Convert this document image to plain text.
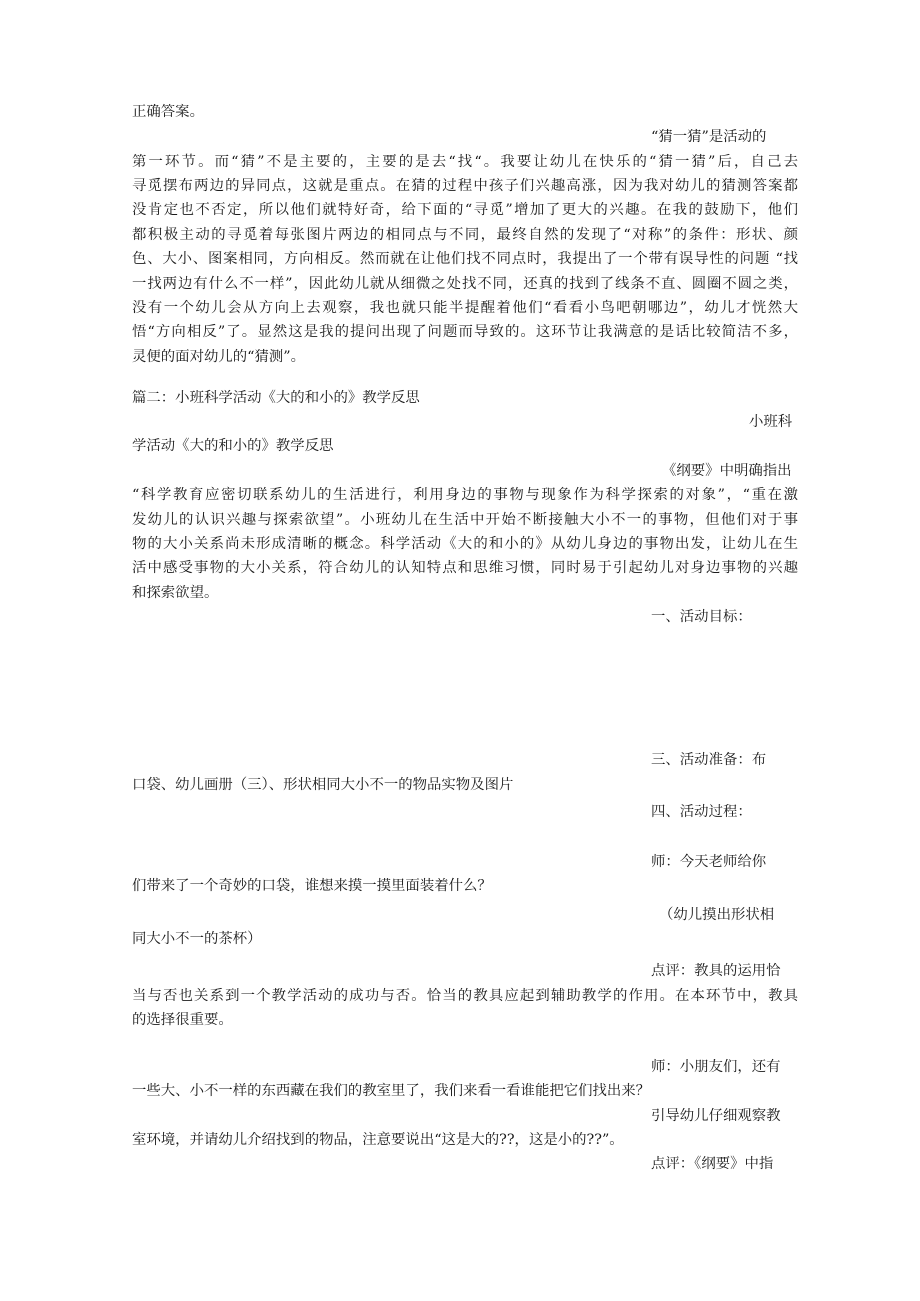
正确答案。
“猜一猜”是活动的
第一环节。而“猜”不是主要的，主要的是去“找“。我要让幼儿在快乐的“猜一猜”后，自己去
寻觅摆布两边的异同点，这就是重点。在猜的过程中孩子们兴趣高涨，因为我对幼儿的猜测答案都
没肯定也不否定，所以他们就特好奇，给下面的“寻觅”增加了更大的兴趣。在我的鼓励下，他们
都积极主动的寻觅着每张图片两边的相同点与不同，最终自然的发现了“对称”的条件：形状、颜
色、大小、图案相同，方向相反。然而就在让他们找不同点时，我提出了一个带有误导性的问题 “找
一找两边有什么不一样”，因此幼儿就从细微之处找不同，还真的找到了线条不直、圆圈不圆之类，
没有一个幼儿会从方向上去观察，我也就只能半提醒着他们“看看小鸟吧朝哪边”，幼儿才恍然大
悟“方向相反”了。显然这是我的提问出现了问题而导致的。这环节让我满意的是话比较简洁不多，
灵便的面对幼儿的“猜测”。
篇二：小班科学活动《大的和小的》教学反思
小班科
学活动《大的和小的》教学反思
《纲要》中明确指出
“科学教育应密切联系幼儿的生活进行，利用身边的事物与现象作为科学探索的对象”，“重在激
发幼儿的认识兴趣与探索欲望”。小班幼儿在生活中开始不断接触大小不一的事物，但他们对于事
物的大小关系尚未形成清晰的概念。科学活动《大的和小的》从幼儿身边的事物出发，让幼儿在生
活中感受事物的大小关系，符合幼儿的认知特点和思维习惯，同时易于引起幼儿对身边事物的兴趣
和探索欲望。
一、活动目标：
三、活动准备：布
口袋、幼儿画册（三）、形状相同大小不一的物品实物及图片
四、活动过程：
师：今天老师给你
们带来了一个奇妙的口袋，谁想来摸一摸里面装着什么？
（幼儿摸出形状相
同大小不一的茶杯）
点评：教具的运用恰
当与否也关系到一个教学活动的成功与否。恰当的教具应起到辅助教学的作用。在本环节中，教具
的选择很重要。
师：小朋友们，还有
一些大、小不一样的东西藏在我们的教室里了，我们来看一看谁能把它们找出来？
引导幼儿仔细观察教
室环境，并请幼儿介绍找到的物品，注意要说出“这是大的??，这是小的??”。
点评：《纲要》中指
